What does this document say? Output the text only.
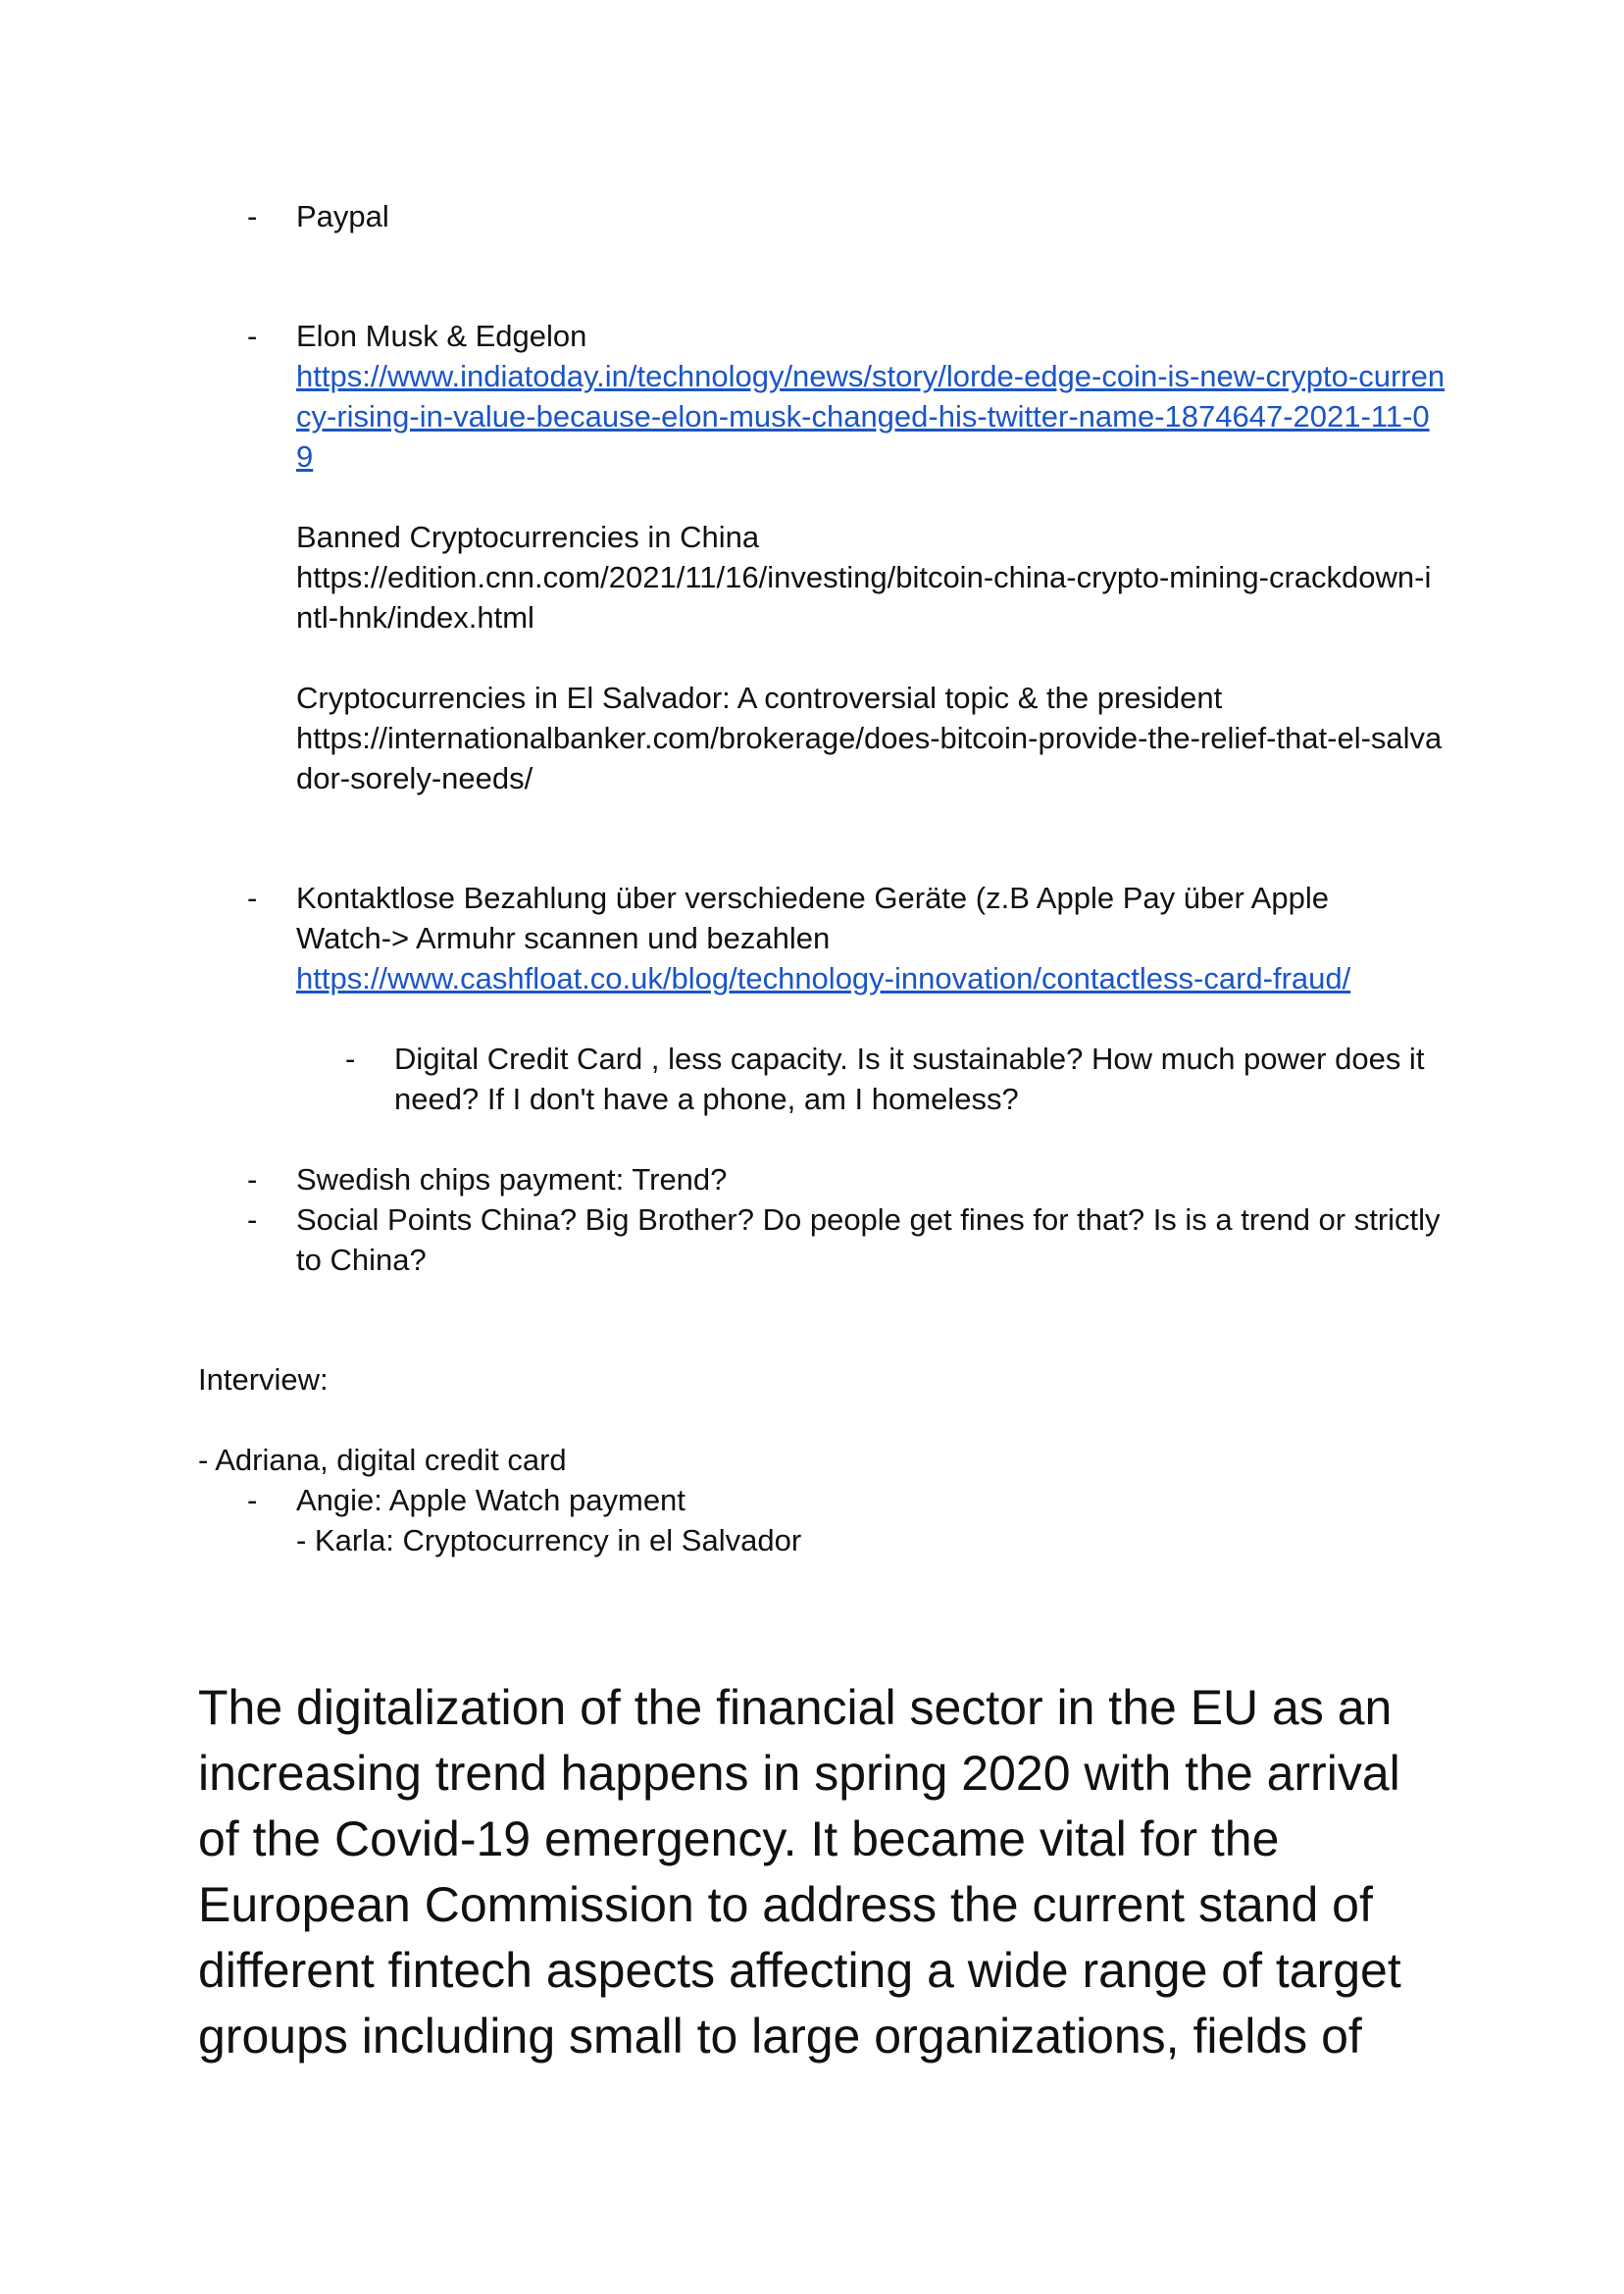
- Paypal
- Elon Musk & Edgelon
https://www.indiatoday.in/technology/news/story/lorde-edge-coin-is-new-crypto-curren
cy-rising-in-value-because-elon-musk-changed-his-twitter-name-1874647-2021-11-0
9
Banned Cryptocurrencies in China
https://edition.cnn.com/2021/11/16/investing/bitcoin-china-crypto-mining-crackdown-i
ntl-hnk/index.html
Cryptocurrencies in El Salvador: A controversial topic & the president
https://internationalbanker.com/brokerage/does-bitcoin-provide-the-relief-that-el-salva
dor-sorely-needs/
- Kontaktlose Bezahlung über verschiedene Geräte (z.B Apple Pay über Apple
Watch-> Armuhr scannen und bezahlen
https://www.cashfloat.co.uk/blog/technology-innovation/contactless-card-fraud/
- Digital Credit Card , less capacity. Is it sustainable? How much power does it
need? If I don't have a phone, am I homeless?
- Swedish chips payment: Trend?
- Social Points China? Big Brother? Do people get fines for that? Is is a trend or strictly
to China?
Interview:
- Adriana, digital credit card
- Angie: Apple Watch payment
- Karla: Cryptocurrency in el Salvador
The digitalization of the financial sector in the EU as an
increasing trend happens in spring 2020 with the arrival
of the Covid-19 emergency. It became vital for the
European Commission to address the current stand of
different fintech aspects affecting a wide range of target
groups including small to large organizations, fields of
